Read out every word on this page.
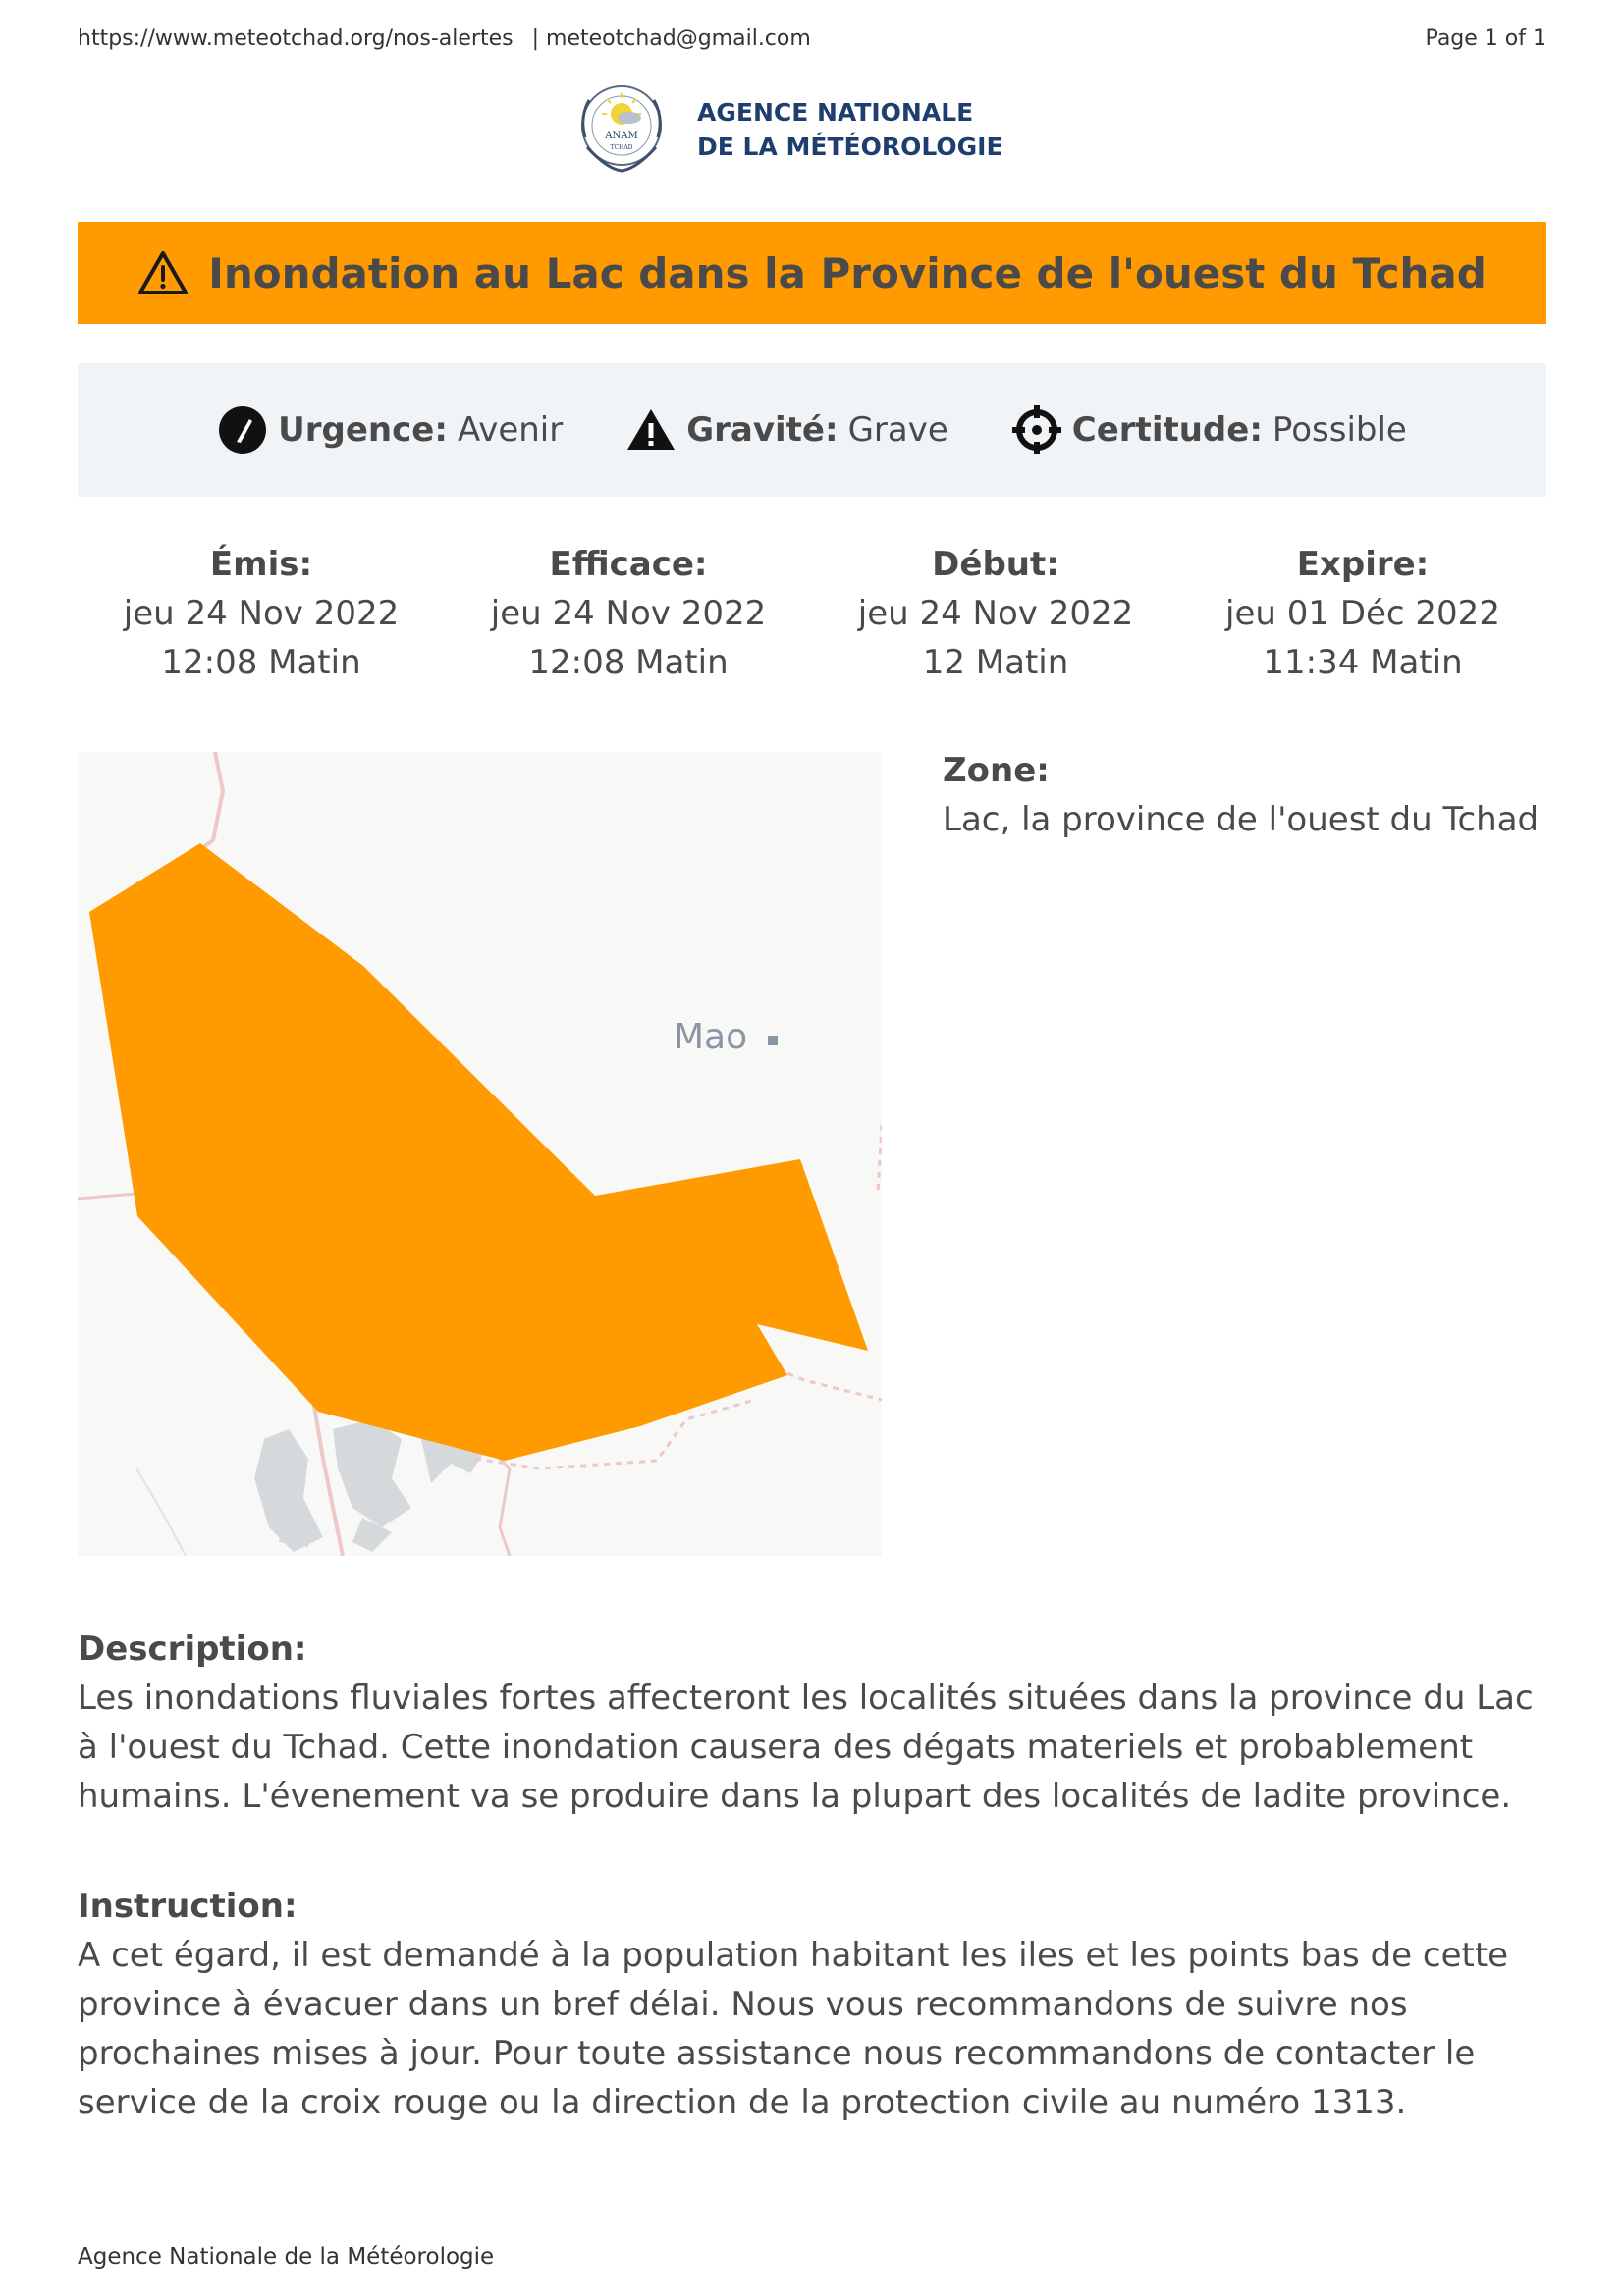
https://www.meteotchad.org/nos-alertes | meteotchad@gmail.com	Page 1 of 1
ANAM
TCHAD
AGENCE NATIONALE
DE LA MÉTÉOROLOGIE
Inondation au Lac dans la Province de l'ouest du Tchad
Urgence: Avenir	Gravité: Grave	Certitude: Possible
Émis:
jeu 24 Nov 2022
12:08 Matin
Efficace:
jeu 24 Nov 2022
12:08 Matin
Début:
jeu 24 Nov 2022
12 Matin
Expire:
jeu 01 Déc 2022
11:34 Matin
Mao
Zone:
Lac, la province de l'ouest du Tchad
Description:

Les inondations fluviales fortes affecteront les localités situées dans la province du Lac à l'ouest du Tchad. Cette inondation causera des dégats materiels et probablement humains. L'évenement va se produire dans la plupart des localités de ladite province.

Instruction:

A cet égard, il est demandé à la population habitant les iles et les points bas de cette province à évacuer dans un bref délai. Nous vous recommandons de suivre nos prochaines mises à jour. Pour toute assistance nous recommandons de contacter le service de la croix rouge ou la direction de la protection civile au numéro 1313.

Agence Nationale de la Météorologie
